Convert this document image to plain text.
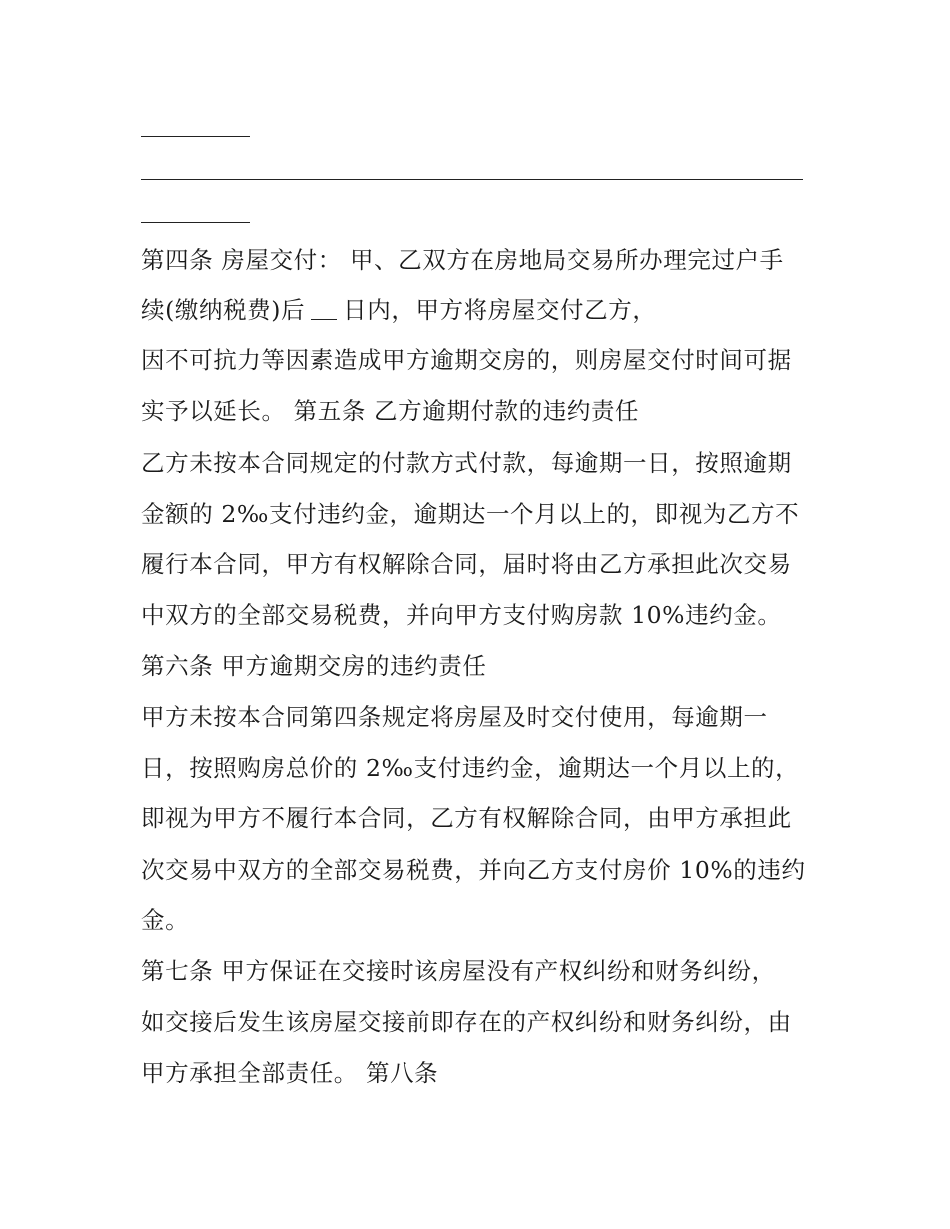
第四条 房屋交付： 甲、乙双方在房地局交易所办理完过户手
续(缴纳税费)后 日内，甲方将房屋交付乙方，
因不可抗力等因素造成甲方逾期交房的，则房屋交付时间可据
实予以延长。 第五条 乙方逾期付款的违约责任
乙方未按本合同规定的付款方式付款，每逾期一日，按照逾期
金额的 2‰支付违约金，逾期达一个月以上的，即视为乙方不
履行本合同，甲方有权解除合同，届时将由乙方承担此次交易
中双方的全部交易税费，并向甲方支付购房款 10%违约金。
第六条 甲方逾期交房的违约责任
甲方未按本合同第四条规定将房屋及时交付使用，每逾期一
日，按照购房总价的 2‰支付违约金，逾期达一个月以上的，
即视为甲方不履行本合同，乙方有权解除合同，由甲方承担此
次交易中双方的全部交易税费，并向乙方支付房价 10%的违约
金。
第七条 甲方保证在交接时该房屋没有产权纠纷和财务纠纷，
如交接后发生该房屋交接前即存在的产权纠纷和财务纠纷，由
甲方承担全部责任。 第八条
